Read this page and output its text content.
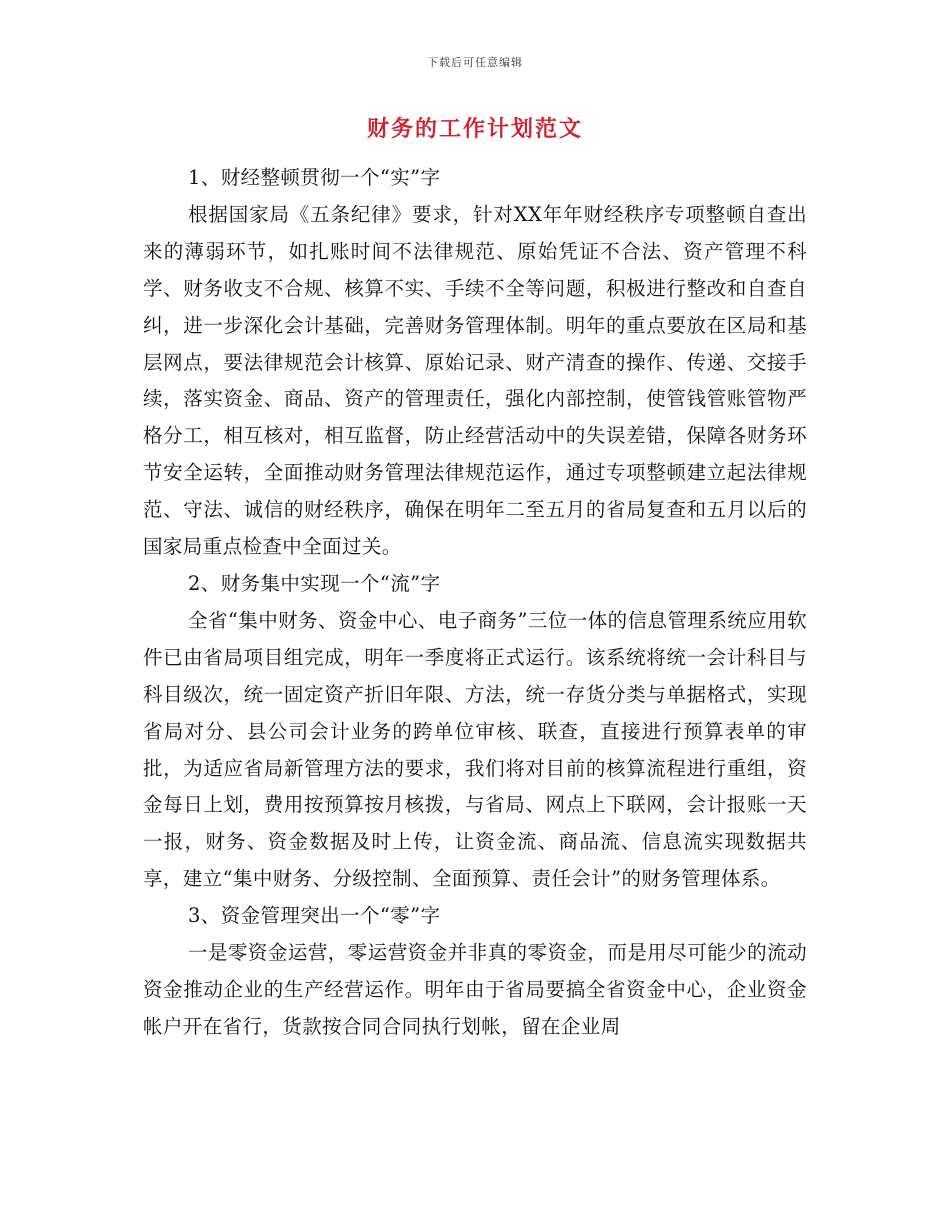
下载后可任意编辑
财务的工作计划范文

1、财经整顿贯彻一个“实”字

根据国家局《五条纪律》要求，针对XX年年财经秩序专项整顿自查出来的薄弱环节，如扎账时间不法律规范、原始凭证不合法、资产管理不科学、财务收支不合规、核算不实、手续不全等问题，积极进行整改和自查自纠，进一步深化会计基础，完善财务管理体制。明年的重点要放在区局和基层网点，要法律规范会计核算、原始记录、财产清查的操作、传递、交接手续，落实资金、商品、资产的管理责任，强化内部控制，使管钱管账管物严格分工，相互核对，相互监督，防止经营活动中的失误差错，保障各财务环节安全运转，全面推动财务管理法律规范运作，通过专项整顿建立起法律规范、守法、诚信的财经秩序，确保在明年二至五月的省局复查和五月以后的国家局重点检查中全面过关。

2、财务集中实现一个“流”字

全省“集中财务、资金中心、电子商务”三位一体的信息管理系统应用软件已由省局项目组完成，明年一季度将正式运行。该系统将统一会计科目与科目级次，统一固定资产折旧年限、方法，统一存货分类与单据格式，实现省局对分、县公司会计业务的跨单位审核、联查，直接进行预算表单的审批，为适应省局新管理方法的要求，我们将对目前的核算流程进行重组，资金每日上划，费用按预算按月核拨，与省局、网点上下联网，会计报账一天一报，财务、资金数据及时上传，让资金流、商品流、信息流实现数据共享，建立“集中财务、分级控制、全面预算、责任会计”的财务管理体系。

3、资金管理突出一个“零”字

一是零资金运营，零运营资金并非真的零资金，而是用尽可能少的流动资金推动企业的生产经营运作。明年由于省局要搞全省资金中心，企业资金帐户开在省行，货款按合同合同执行划帐，留在企业周
